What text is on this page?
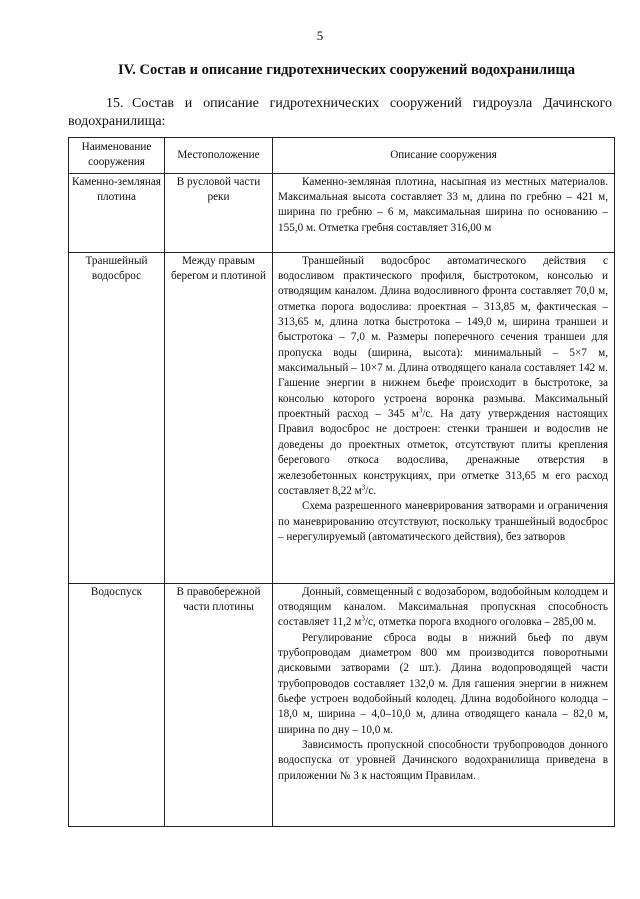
5
IV. Состав и описание гидротехнических сооружений водохранилища
15. Состав и описание гидротехнических сооружений гидроузла Дачинского водохранилища:
Наименование сооружения	Местоположение	Описание сооружения
Каменно-земляная плотина	В русловой части реки	Каменно-земляная плотина, насыпная из местных материалов. Максимальная высота составляет 33 м, длина по гребню – 421 м, ширина по гребню – 6 м, максимальная ширина по основанию – 155,0 м. Отметка гребня составляет 316,00 м

Траншейный водосброс	Между правым берегом и плотиной	Траншейный водосброс автоматического действия с водосливом практического профиля, быстротоком, консолью и отводящим каналом. Длина водосливного фронта составляет 70,0 м, отметка порога водослива: проектная – 313,85 м, фактическая – 313,65 м, длина лотка быстротока – 149,0 м, ширина траншеи и быстротока – 7,0 м. Размеры поперечного сечения траншеи для пропуска воды (ширина, высота): минимальный – 5×7 м, максимальный – 10×7 м. Длина отводящего канала составляет 142 м. Гашение энергии в нижнем бьефе происходит в быстротоке, за консолью которого устроена воронка размыва. Максимальный проектный расход – 345 $м^3/с$. На дату утверждения настоящих Правил водосброс не достроен: стенки траншеи и водослив не доведены до проектных отметок, отсутствуют плиты крепления берегового откоса водослива, дренажные отверстия в железобетонных конструкциях, при отметке 313,65 м его расход составляет 8,22 $м^3/с$.

Схема разрешенного маневрирования затворами и ограничения по маневрированию отсутствуют, поскольку траншейный водосброс – нерегулируемый (автоматического действия), без затворов

Водоспуск	В правобережной части плотины	Донный, совмещенный с водозабором, водобойным колодцем и отводящим каналом. Максимальная пропускная способность составляет 11,2 $м^3/с$, отметка порога входного оголовка – 285,00 м.

Регулирование сброса воды в нижний бьеф по двум трубопроводам диаметром 800 мм производится поворотными дисковыми затворами (2 шт.). Длина водопроводящей части трубопроводов составляет 132,0 м. Для гашения энергии в нижнем бьефе устроен водобойный колодец. Длина водобойного колодца – 18,0 м, ширина – 4,0–10,0 м, длина отводящего канала – 82,0 м, ширина по дну – 10,0 м.

Зависимость пропускной способности трубопроводов донного водоспуска от уровней Дачинского водохранилища приведена в приложении № 3 к настоящим Правилам.
